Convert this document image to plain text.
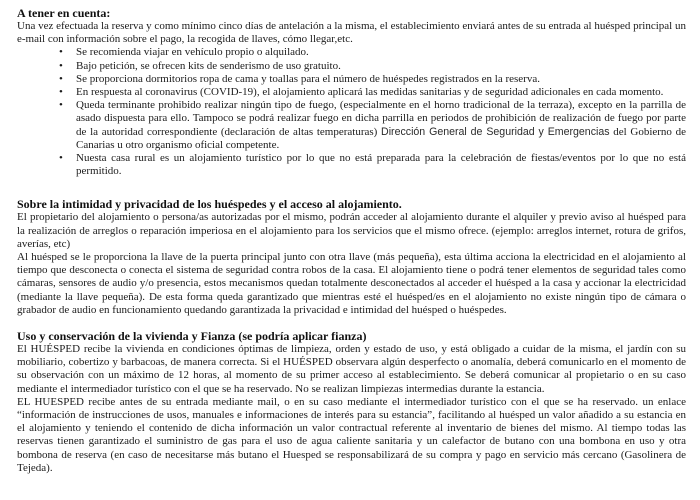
A tener en cuenta:

Una vez efectuada la reserva y como mínimo cinco días de antelación a la misma, el establecimiento enviará antes de su entrada al huésped principal un e-mail con información sobre el pago, la recogida de llaves, cómo llegar,etc.

• Se recomienda viajar en vehículo propio o alquilado.
• Bajo petición, se ofrecen kits de senderismo de uso gratuito.
• Se proporciona dormitorios ropa de cama y toallas para el número de huéspedes registrados en la reserva.
• En respuesta al coronavirus (COVID-19), el alojamiento aplicará las medidas sanitarias y de seguridad adicionales en cada momento.
• Queda terminante prohibido realizar ningún tipo de fuego, (especialmente en el horno tradicional de la terraza), excepto en la parrilla de asado dispuesta para ello. Tampoco se podrá realizar fuego en dicha parrilla en periodos de prohibición de realización de fuego por parte de la autoridad correspondiente (declaración de altas temperaturas) Dirección General de Seguridad y Emergencias del Gobierno de Canarias u otro organismo oficial competente.
• Nuesta casa rural es un alojamiento turístico por lo que no está preparada para la celebración de fiestas/eventos por lo que no está permitido.
Sobre la intimidad y privacidad de los huéspedes y el acceso al alojamiento.

El propietario del alojamiento o persona/as autorizadas por el mismo, podrán acceder al alojamiento durante el alquiler y previo aviso al huésped para la realización de arreglos o reparación imperiosa en el alojamiento para los servicios que el mismo ofrece. (ejemplo: arreglos internet, rotura de grifos, averías, etc)

Al huésped se le proporciona la llave de la puerta principal junto con otra llave (más pequeña), esta última acciona la electricidad en el alojamiento al tiempo que desconecta o conecta el sistema de seguridad contra robos de la casa. El alojamiento tiene o podrá tener elementos de seguridad tales como cámaras, sensores de audio y/o presencia, estos mecanismos quedan totalmente desconectados al acceder el huésped a la casa y accionar la electricidad (mediante la llave pequeña). De esta forma queda garantizado que mientras esté el huésped/es en el alojamiento no existe ningún tipo de cámara o grabador de audio en funcionamiento quedando garantizada la privacidad e intimidad del huésped o huéspedes.

Uso y conservación de la vivienda y Fianza (se podría aplicar fianza)

El HUÉSPED recibe la vivienda en condiciones óptimas de limpieza, orden y estado de uso, y está obligado a cuidar de la misma, el jardín con su mobiliario, cobertizo y barbacoas, de manera correcta. Si el HUÉSPED observara algún desperfecto o anomalía, deberá comunicarlo en el momento de su observación con un máximo de 12 horas, al momento de su primer acceso al establecimiento. Se deberá comunicar al propietario o en su caso mediante el intermediador turístico con el que se ha reservado. No se realizan limpiezas intermedias durante la estancia.

EL HUESPED recibe antes de su entrada mediante mail, o en su caso mediante el intermediador turístico con el que se ha reservado. un enlace “información de instrucciones de usos, manuales e informaciones de interés para su estancia”, facilitando al huésped un valor añadido a su estancia en el alojamiento y teniendo el contenido de dicha información un valor contractual referente al inventario de bienes del mismo. Al tiempo todas las reservas tienen garantizado el suministro de gas para el uso de agua caliente sanitaria y un calefactor de butano con una bombona en uso y otra bombona de reserva (en caso de necesitarse más butano el Huesped se responsabilizará de su compra y pago en servicio más cercano (Gasolinera de Tejeda).
